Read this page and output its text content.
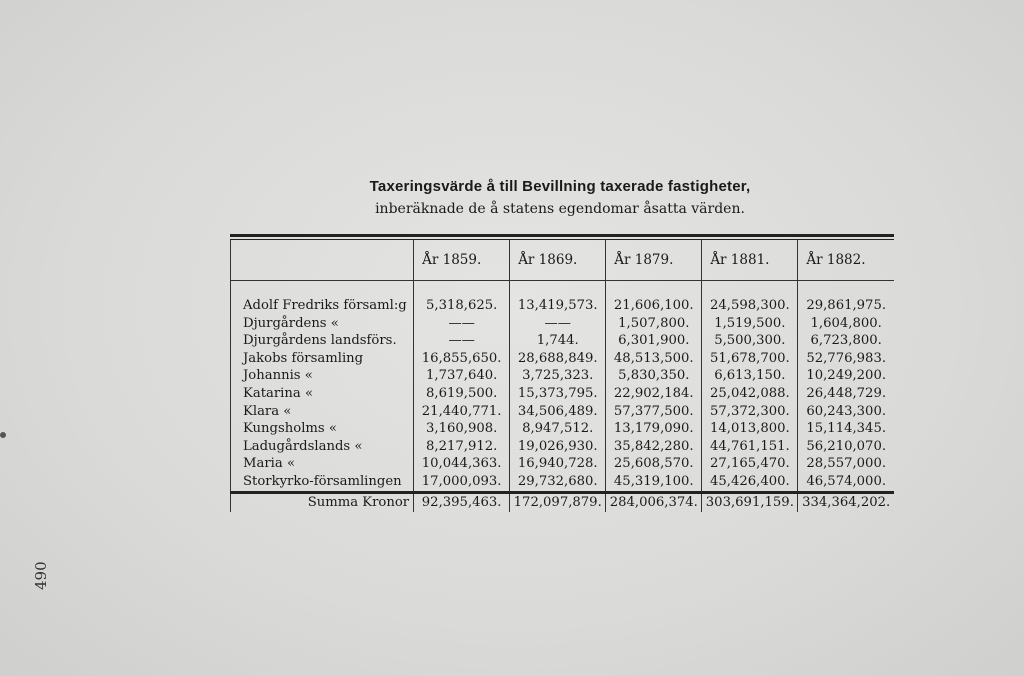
Taxeringsvärde å till Bevillning taxerade fastigheter,
inberäknade de å statens egendomar åsatta värden.
	År 1859.	År 1869.	År 1879.	År 1881.	År 1882.
Adolf Fredriks församl:g	5,318,625.	13,419,573.	21,606,100.	24,598,300.	29,861,975.
Djurgårdens «	——	——	1,507,800.	1,519,500.	1,604,800.
Djurgårdens landsförs.	——	1,744.	6,301,900.	5,500,300.	6,723,800.
Jakobs församling	16,855,650.	28,688,849.	48,513,500.	51,678,700.	52,776,983.
Johannis «	1,737,640.	3,725,323.	5,830,350.	6,613,150.	10,249,200.
Katarina «	8,619,500.	15,373,795.	22,902,184.	25,042,088.	26,448,729.
Klara «	21,440,771.	34,506,489.	57,377,500.	57,372,300.	60,243,300.
Kungsholms «	3,160,908.	8,947,512.	13,179,090.	14,013,800.	15,114,345.
Ladugårdslands «	8,217,912.	19,026,930.	35,842,280.	44,761,151.	56,210,070.
Maria «	10,044,363.	16,940,728.	25,608,570.	27,165,470.	28,557,000.
Storkyrko-församlingen	17,000,093.	29,732,680.	45,319,100.	45,426,400.	46,574,000.
Summa Kronor	92,395,463.	172,097,879.	284,006,374.	303,691,159.	334,364,202.
490
